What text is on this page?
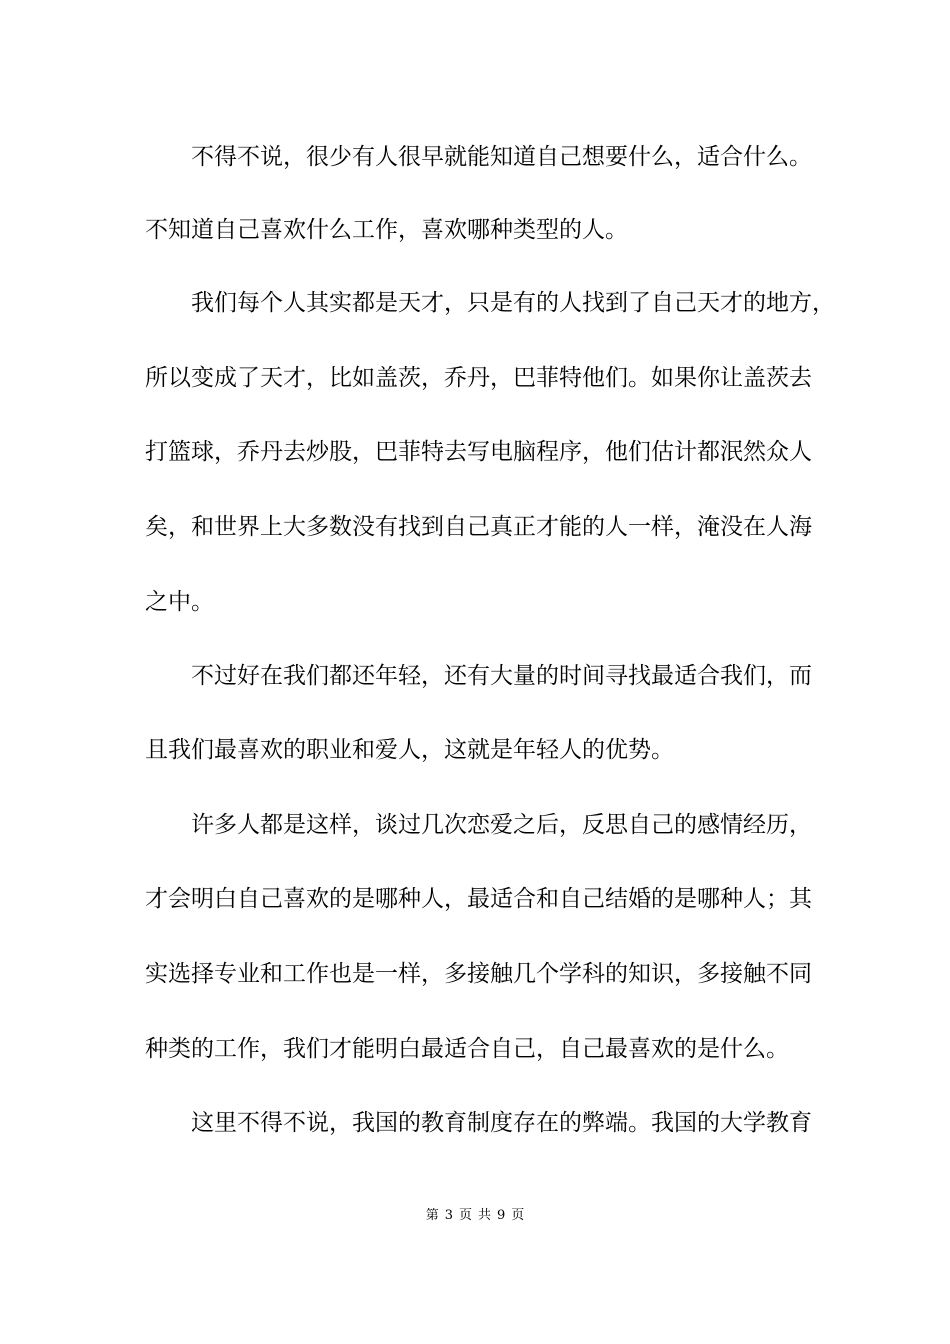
不得不说，很少有人很早就能知道自己想要什么，适合什么。
不知道自己喜欢什么工作，喜欢哪种类型的人。
我们每个人其实都是天才，只是有的人找到了自己天才的地方，
所以变成了天才，比如盖茨，乔丹，巴菲特他们。如果你让盖茨去
打篮球，乔丹去炒股，巴菲特去写电脑程序，他们估计都泯然众人
矣，和世界上大多数没有找到自己真正才能的人一样，淹没在人海
之中。
不过好在我们都还年轻，还有大量的时间寻找最适合我们，而
且我们最喜欢的职业和爱人，这就是年轻人的优势。
许多人都是这样，谈过几次恋爱之后，反思自己的感情经历，
才会明白自己喜欢的是哪种人，最适合和自己结婚的是哪种人；其
实选择专业和工作也是一样，多接触几个学科的知识，多接触不同
种类的工作，我们才能明白最适合自己，自己最喜欢的是什么。
这里不得不说，我国的教育制度存在的弊端。我国的大学教育
第 3 页 共 9 页
